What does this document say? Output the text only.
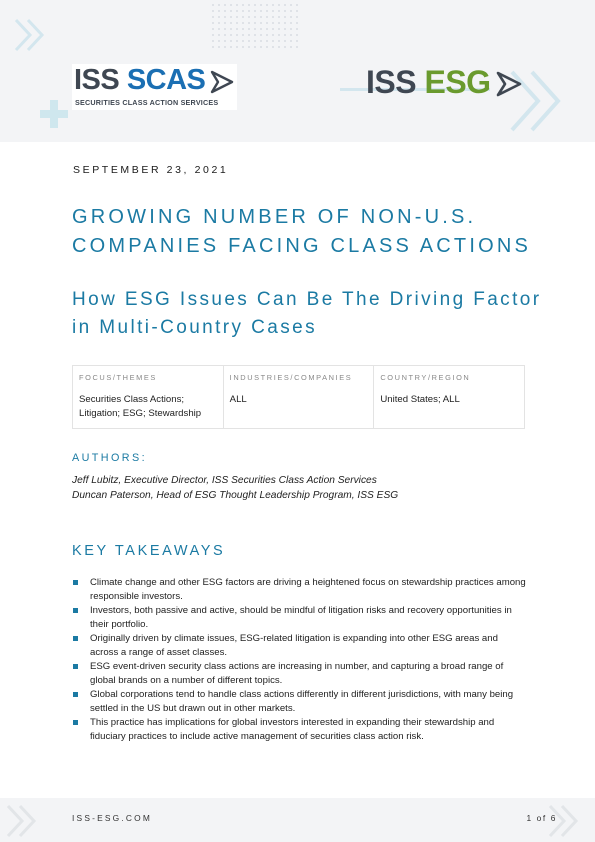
ISS SCAS
SECURITIES CLASS ACTION SERVICES
ISS ESG
SEPTEMBER 23, 2021
GROWING NUMBER OF NON-U.S. COMPANIES FACING CLASS ACTIONS
How ESG Issues Can Be The Driving Factor in Multi-Country Cases
FOCUS/THEMES
Securities Class Actions; Litigation; ESG; Stewardship
INDUSTRIES/COMPANIES
ALL
COUNTRY/REGION
United States; ALL
AUTHORS:
Jeff Lubitz, Executive Director, ISS Securities Class Action Services
Duncan Paterson, Head of ESG Thought Leadership Program, ISS ESG
KEY TAKEAWAYS
Climate change and other ESG factors are driving a heightened focus on stewardship practices among responsible investors.
Investors, both passive and active, should be mindful of litigation risks and recovery opportunities in their portfolio.
Originally driven by climate issues, ESG-related litigation is expanding into other ESG areas and across a range of asset classes.
ESG event-driven security class actions are increasing in number, and capturing a broad range of global brands on a number of different topics.
Global corporations tend to handle class actions differently in different jurisdictions, with many being settled in the US but drawn out in other markets.
This practice has implications for global investors interested in expanding their stewardship and fiduciary practices to include active management of securities class action risk.
ISS-ESG.COM	1 of 6
